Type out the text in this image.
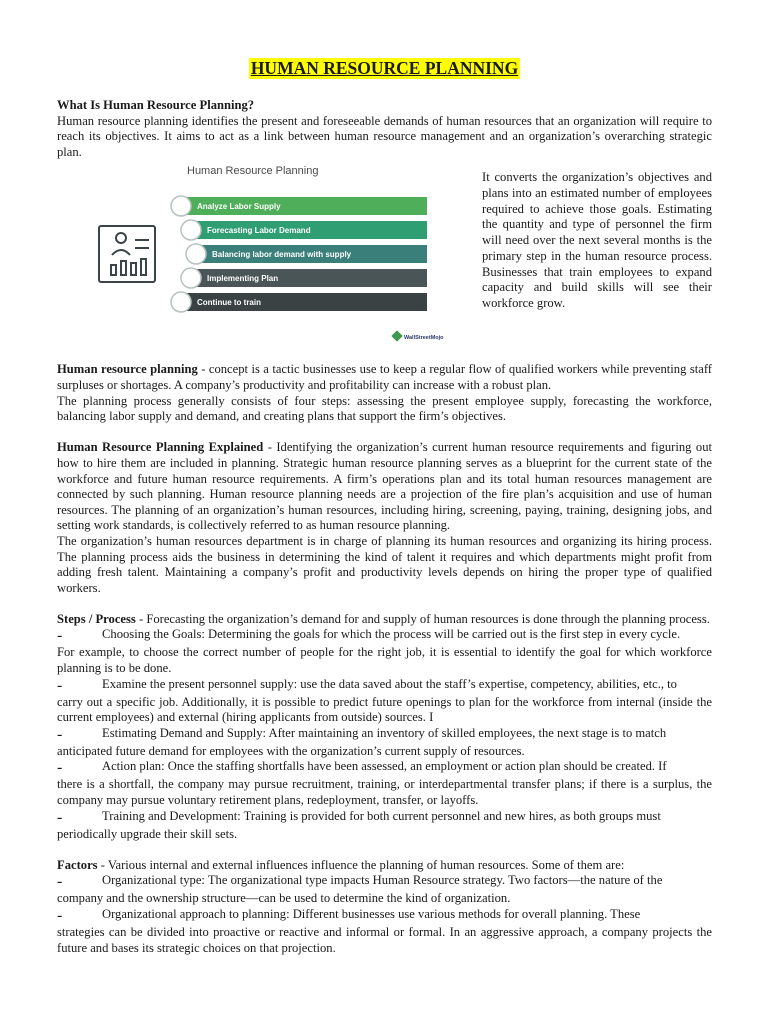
HUMAN RESOURCE PLANNING

What Is Human Resource Planning?

Human resource planning identifies the present and foreseeable demands of human resources that an organization will require to reach its objectives. It aims to act as a link between human resource management and an organization’s overarching strategic plan.

Human Resource Planning
Analyze Labor Supply
Forecasting Labor Demand
Balancing labor demand with supply
Implementing Plan
Continue to train
WallStreetMojo

It converts the organization’s objectives and plans into an estimated number of employees required to achieve those goals. Estimating the quantity and type of personnel the firm will need over the next several months is the primary step in the human resource process. Businesses that train employees to expand capacity and build skills will see their workforce grow.

Human resource planning - concept is a tactic businesses use to keep a regular flow of qualified workers while preventing staff surpluses or shortages. A company’s productivity and profitability can increase with a robust plan.

The planning process generally consists of four steps: assessing the present employee supply, forecasting the workforce, balancing labor supply and demand, and creating plans that support the firm’s objectives.

Human Resource Planning Explained - Identifying the organization’s current human resource requirements and figuring out how to hire them are included in planning. Strategic human resource planning serves as a blueprint for the current state of the workforce and future human resource requirements. A firm’s operations plan and its total human resources management are connected by such planning. Human resource planning needs are a projection of the fire plan’s acquisition and use of human resources. The planning of an organization’s human resources, including hiring, screening, paying, training, designing jobs, and setting work standards, is collectively referred to as human resource planning.

The organization’s human resources department is in charge of planning its human resources and organizing its hiring process. The planning process aids the business in determining the kind of talent it requires and which departments might profit from adding fresh talent. Maintaining a company’s profit and productivity levels depends on hiring the proper type of qualified workers.

Steps / Process - Forecasting the organization’s demand for and supply of human resources is done through the planning process.

-	Choosing the Goals: Determining the goals for which the process will be carried out is the first step in every cycle.

For example, to choose the correct number of people for the right job, it is essential to identify the goal for which workforce planning is to be done.

-	Examine the present personnel supply: use the data saved about the staff’s expertise, competency, abilities, etc., to

carry out a specific job. Additionally, it is possible to predict future openings to plan for the workforce from internal (inside the current employees) and external (hiring applicants from outside) sources. I

-	Estimating Demand and Supply: After maintaining an inventory of skilled employees, the next stage is to match

anticipated future demand for employees with the organization’s current supply of resources.

-	Action plan: Once the staffing shortfalls have been assessed, an employment or action plan should be created. If

there is a shortfall, the company may pursue recruitment, training, or interdepartmental transfer plans; if there is a surplus, the company may pursue voluntary retirement plans, redeployment, transfer, or layoffs.

-	Training and Development: Training is provided for both current personnel and new hires, as both groups must

periodically upgrade their skill sets.

Factors - Various internal and external influences influence the planning of human resources. Some of them are:

-	Organizational type: The organizational type impacts Human Resource strategy. Two factors—the nature of the

company and the ownership structure—can be used to determine the kind of organization.

-	Organizational approach to planning: Different businesses use various methods for overall planning. These

strategies can be divided into proactive or reactive and informal or formal. In an aggressive approach, a company projects the future and bases its strategic choices on that projection.
